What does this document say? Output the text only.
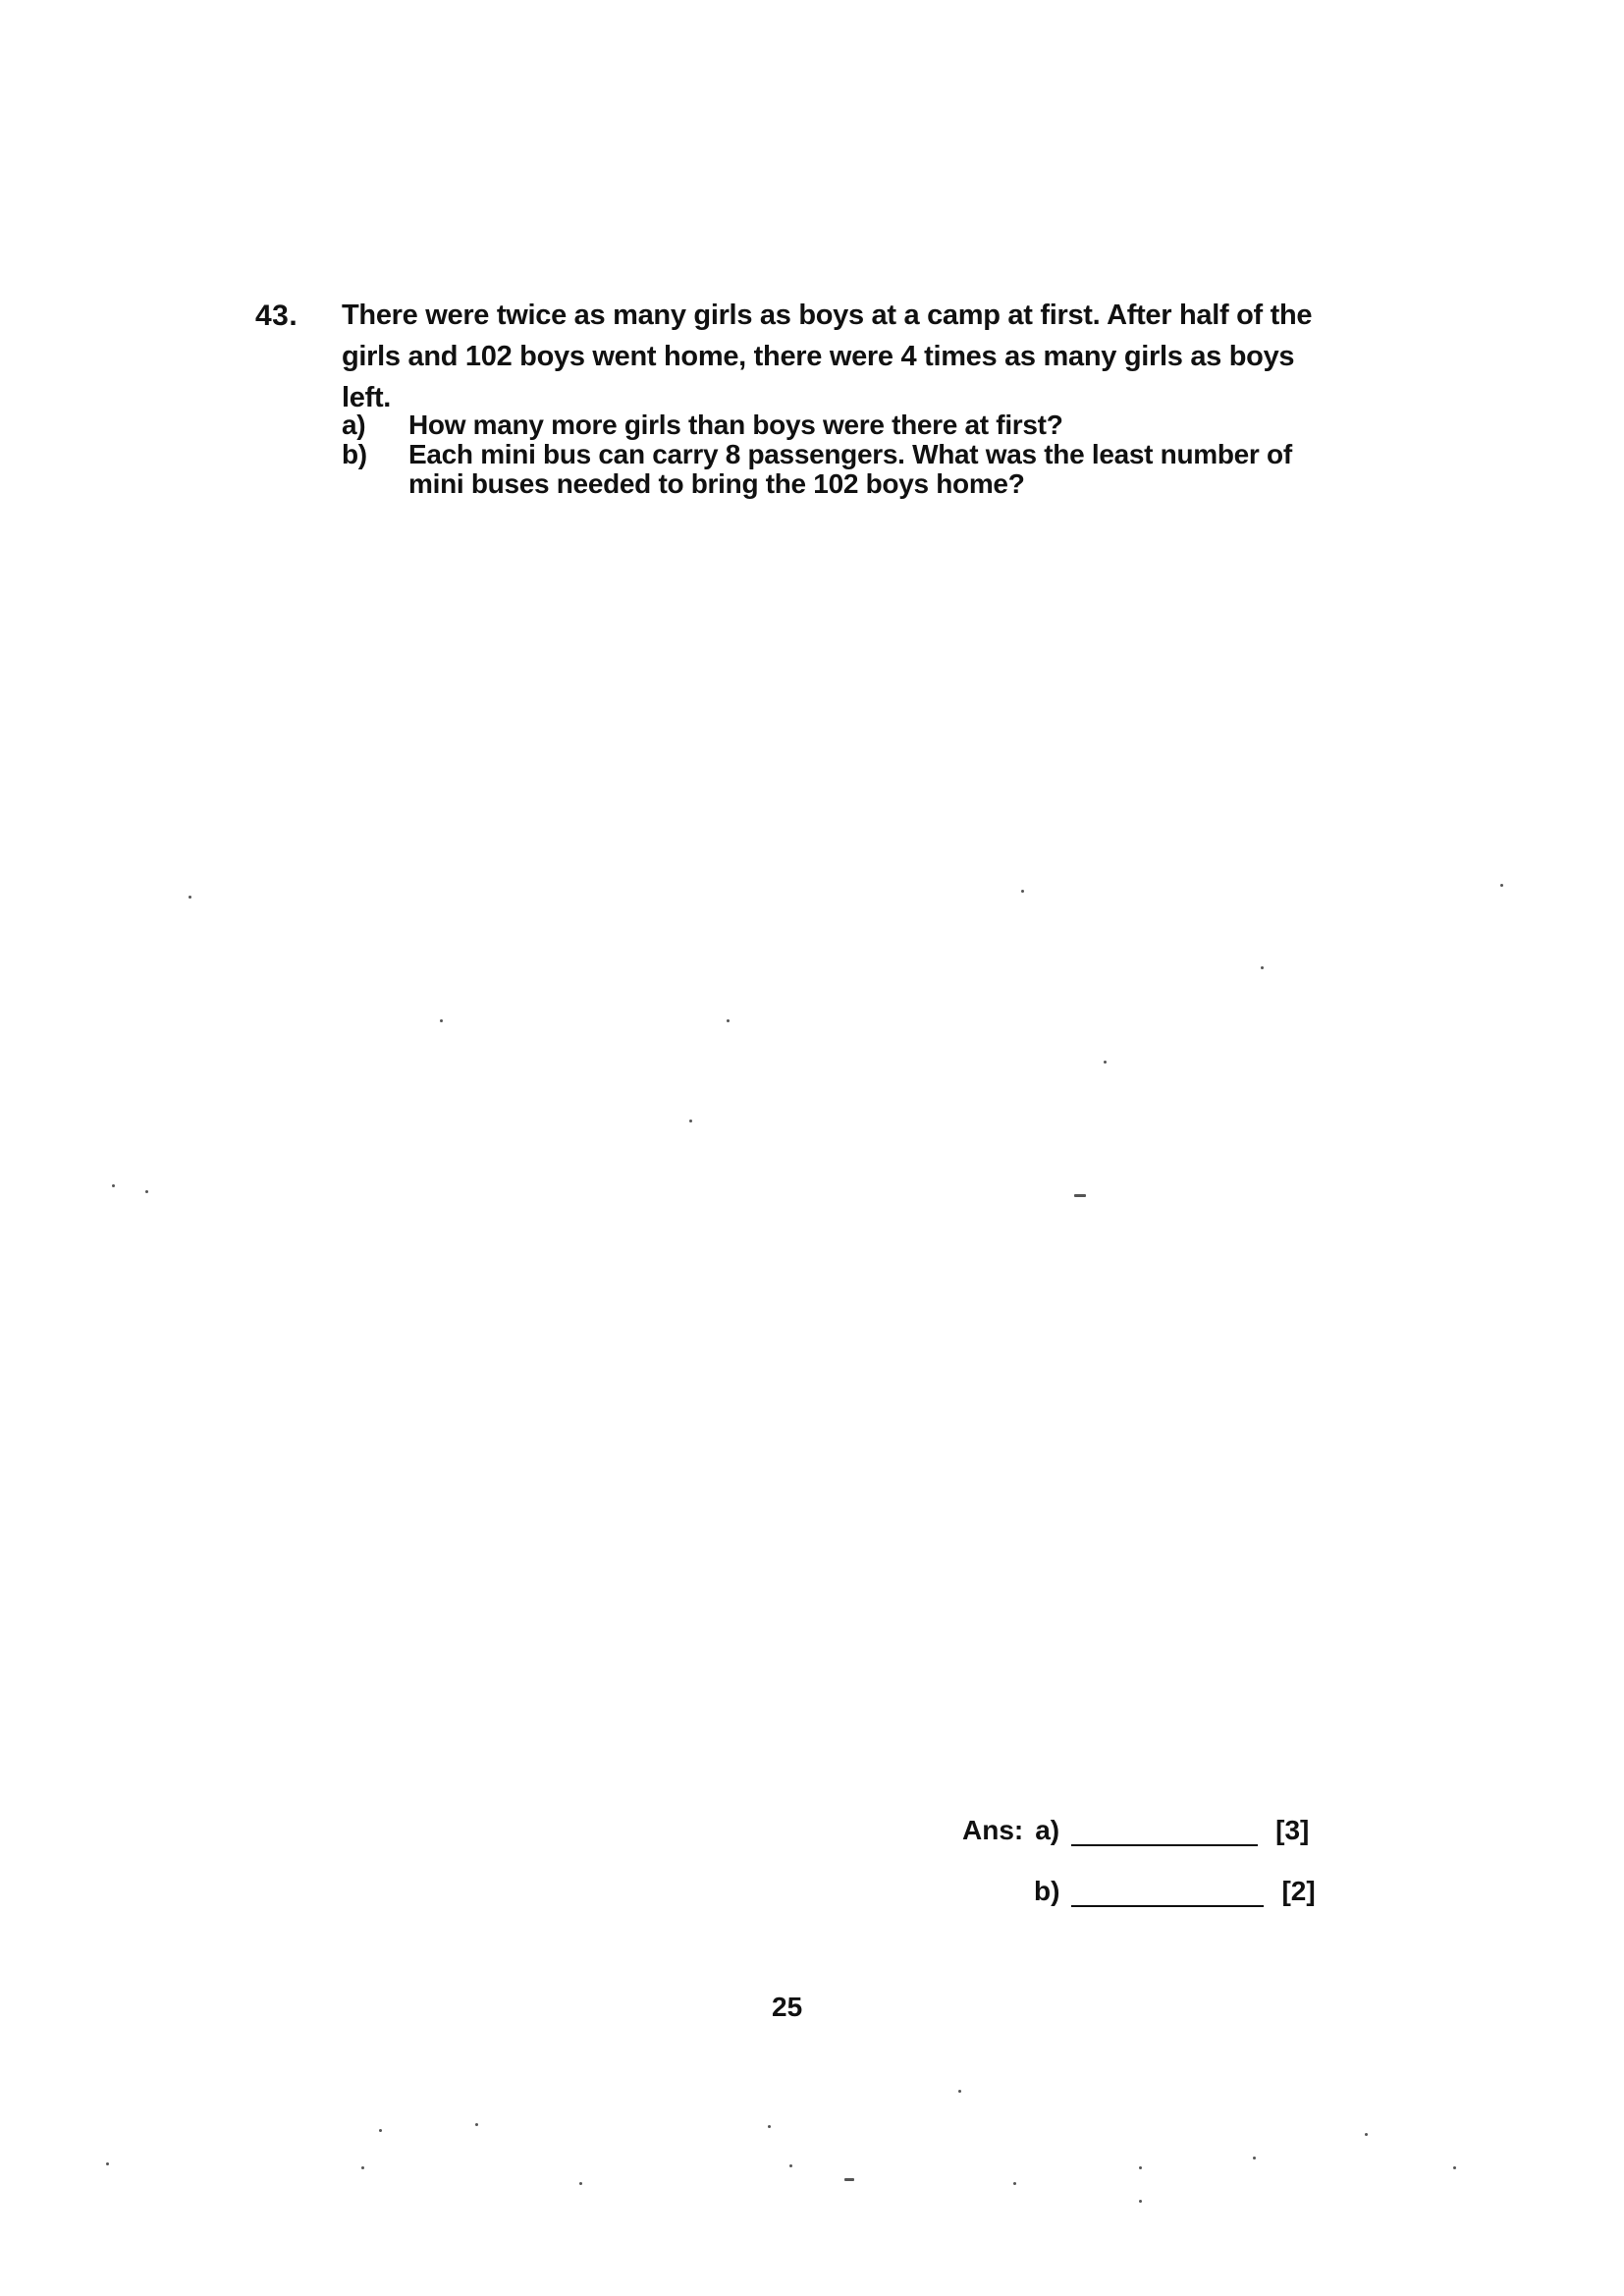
43. There were twice as many girls as boys at a camp at first. After half of the girls and 102 boys went home, there were 4 times as many girls as boys left.
a)	How many more girls than boys were there at first?
b)	Each mini bus can carry 8 passengers. What was the least number of mini buses needed to bring the 102 boys home?
Ans: a)	[3]
b)	[2]
25
